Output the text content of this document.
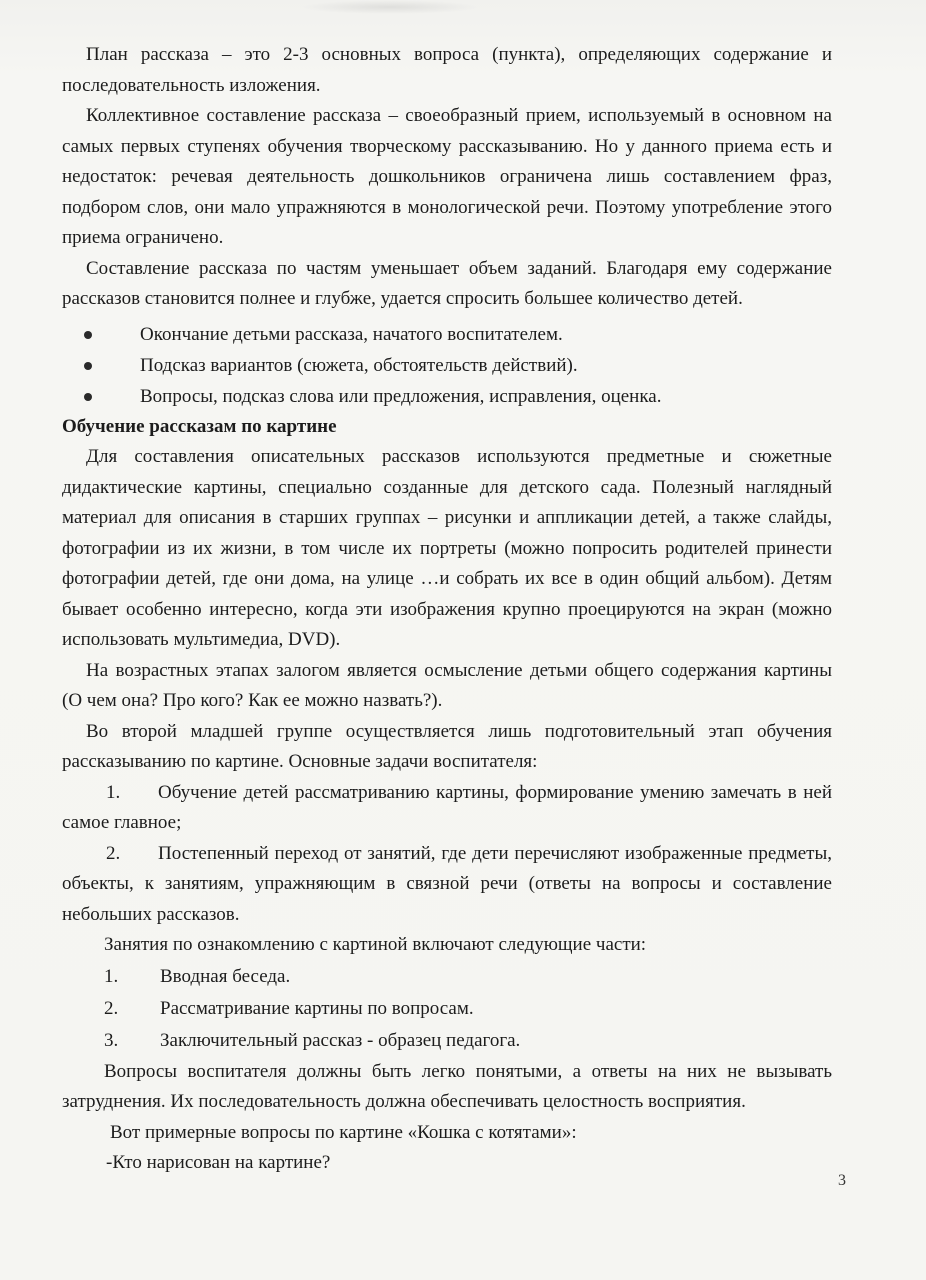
План рассказа – это 2-3 основных вопроса (пункта), определяющих содержание и последовательность изложения.

Коллективное составление рассказа – своеобразный прием, используемый в основном на самых первых ступенях обучения творческому рассказыванию. Но у данного приема есть и недостаток: речевая деятельность дошкольников ограничена лишь составлением фраз, подбором слов, они мало упражняются в монологической речи. Поэтому употребление этого приема ограничено.

Составление рассказа по частям уменьшает объем заданий. Благодаря ему содержание рассказов становится полнее и глубже, удается спросить большее количество детей.

Окончание детьми рассказа, начатого воспитателем.
Подсказ вариантов (сюжета, обстоятельств действий).
Вопросы, подсказ слова или предложения, исправления, оценка.

Обучение рассказам по картине

Для составления описательных рассказов используются предметные и сюжетные дидактические картины, специально созданные для детского сада. Полезный наглядный материал для описания в старших группах – рисунки и аппликации детей, а также слайды, фотографии из их жизни, в том числе их портреты (можно попросить родителей принести фотографии детей, где они дома, на улице …и собрать их все в один общий альбом). Детям бывает особенно интересно, когда эти изображения крупно проецируются на экран (можно использовать мультимедиа, DVD).

На возрастных этапах залогом является осмысление детьми общего содержания картины (О чем она? Про кого? Как ее можно назвать?).

Во второй младшей группе осуществляется лишь подготовительный этап обучения рассказыванию по картине. Основные задачи воспитателя:

1. Обучение детей рассматриванию картины, формирование умению замечать в ней самое главное;

2. Постепенный переход от занятий, где дети перечисляют изображенные предметы, объекты, к занятиям, упражняющим в связной речи (ответы на вопросы и составление небольших рассказов.

Занятия по ознакомлению с картиной включают следующие части:

1. Вводная беседа.
2. Рассматривание картины по вопросам.
3. Заключительный рассказ - образец педагога.

Вопросы воспитателя должны быть легко понятыми, а ответы на них не вызывать затруднения. Их последовательность должна обеспечивать целостность восприятия.

Вот примерные вопросы по картине «Кошка с котятами»:

-Кто нарисован на картине?

3
